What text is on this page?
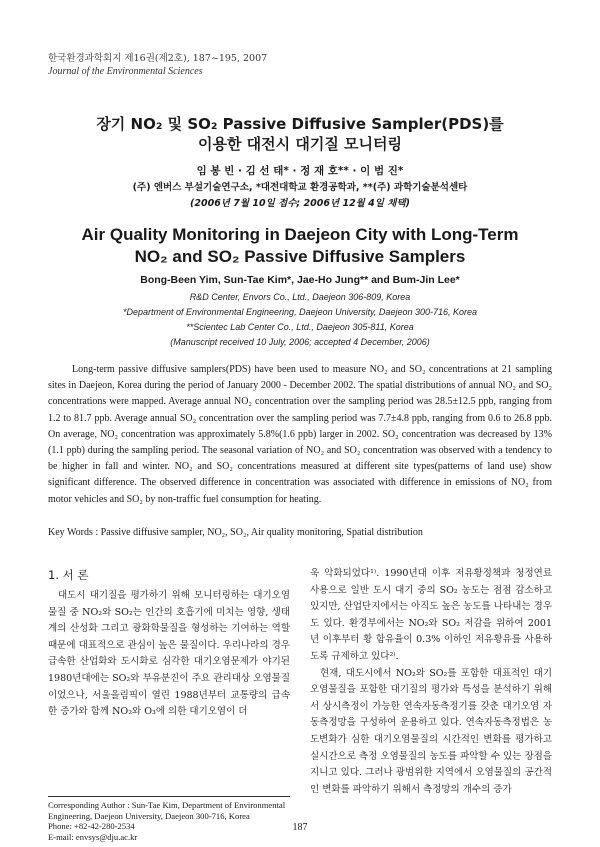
한국환경과학회지 제16권(제2호), 187~195, 2007
Journal of the Environmental Sciences
장기 NO₂ 및 SO₂ Passive Diffusive Sampler(PDS)를
이용한 대전시 대기질 모니터링
임 봉 빈 · 김 선 태* · 정 재 호** · 이 범 진*
(주) 엔버스 부설기술연구소, *대전대학교 환경공학과, **(주) 과학기술분석센타
(2006년 7월 10일 접수; 2006년 12월 4일 채택)
Air Quality Monitoring in Daejeon City with Long-Term
NO₂ and SO₂ Passive Diffusive Samplers
Bong-Been Yim, Sun-Tae Kim*, Jae-Ho Jung** and Bum-Jin Lee*
R&D Center, Envors Co., Ltd., Daejeon 306-809, Korea
*Department of Environmental Engineering, Daejeon University, Daejeon 300-716, Korea
**Scientec Lab Center Co., Ltd., Daejeon 305-811, Korea
(Manuscript received 10 July, 2006; accepted 4 December, 2006)

Long-term passive diffusive samplers(PDS) have been used to measure NO₂ and SO₂ concentrations at 21 sampling sites in Daejeon, Korea during the period of January 2000 - December 2002. The spatial distributions of annual NO₂ and SO₂ concentrations were mapped. Average annual NO₂ concentration over the sampling period was 28.5±12.5 ppb, ranging from 1.2 to 81.7 ppb. Average annual SO₂ concentration over the sampling period was 7.7±4.8 ppb, ranging from 0.6 to 26.8 ppb. On average, NO₂ concentration was approximately 5.8%(1.6 ppb) larger in 2002. SO₂ concentration was decreased by 13%(1.1 ppb) during the sampling period. The seasonal variation of NO₂ and SO₂ concentration was observed with a tendency to be higher in fall and winter. NO₂ and SO₂ concentrations measured at different site types(patterns of land use) show significant difference. The observed difference in concentration was associated with difference in emissions of NO₂ from motor vehicles and SO₂ by non-traffic fuel consumption for heating.

Key Words : Passive diffusive sampler, NO₂, SO₂, Air quality monitoring, Spatial distribution
1. 서 론

대도시 대기질을 평가하기 위해 모니터링하는 대기오염물질 중 NO₂와 SO₂는 인간의 호흡기에 미치는 영향, 생태계의 산성화 그리고 광화학물질을 형성하는 기여하는 역할 때문에 대표적으로 관심이 높은 물질이다. 우리나라의 경우 급속한 산업화와 도시화로 심각한 대기오염문제가 야기된 1980년대에는 SO₂와 부유분진이 주요 관리대상 오염물질이었으나, 서울올림픽이 열린 1988년부터 교통량의 급속한 증가와 함께 NO₂와 O₃에 의한 대기오염이 더

욱 악화되었다¹⁾. 1990년대 이후 저유황정책과 청정연료 사용으로 일반 도시 대기 중의 SO₂ 농도는 점점 감소하고 있지만, 산업단지에서는 아직도 높은 농도를 나타내는 경우도 있다. 환경부에서는 NO₂와 SO₂ 저감을 위하여 2001년 이후부터 황 함유율이 0.3% 이하인 저유황유를 사용하도록 규제하고 있다²⁾.

현재, 대도시에서 NO₂와 SO₂를 포함한 대표적인 대기오염물질을 포함한 대기질의 평가와 특성을 분석하기 위해서 상시측정이 가능한 연속자동측정기를 갖춘 대기오염 자동측정망을 구성하여 운용하고 있다. 연속자동측정법은 농도변화가 심한 대기오염물질의 시간적인 변화를 평가하고 실시간으로 측정 오염물질의 농도를 파악할 수 있는 장점을 지니고 있다. 그러나 광범위한 지역에서 오염물질의 공간적인 변화를 파악하기 위해서 측정망의 개수의 증가

Corresponding Author : Sun-Tae Kim, Department of Environmental Engineering, Daejeon University, Daejeon 300-716, Korea
Phone: +82-42-280-2534
E-mail: envsys@dju.ac.kr
187
